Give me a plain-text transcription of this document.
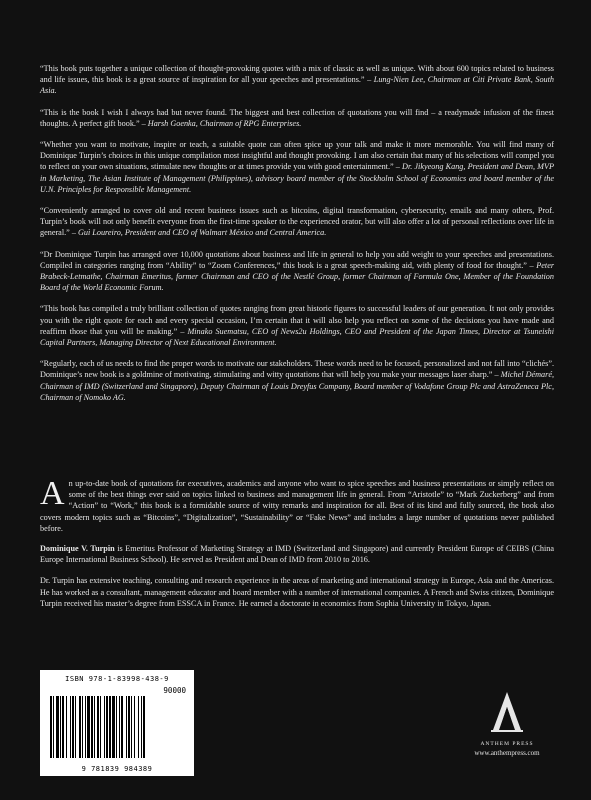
“This book puts together a unique collection of thought-provoking quotes with a mix of classic as well as unique. With about 600 topics related to business and life issues, this book is a great source of inspiration for all your speeches and presentations.” – Lung-Nien Lee, Chairman at Citi Private Bank, South Asia.

“This is the book I wish I always had but never found. The biggest and best collection of quotations you will find – a readymade infusion of the finest thoughts. A perfect gift book.” – Harsh Goenka, Chairman of RPG Enterprises.

“Whether you want to motivate, inspire or teach, a suitable quote can often spice up your talk and make it more memorable. You will find many of Dominique Turpin’s choices in this unique compilation most insightful and thought provoking. I am also certain that many of his selections will compel you to reflect on your own situations, stimulate new thoughts or at times provide you with good entertainment.” – Dr. Jikyeong Kang, President and Dean, MVP in Marketing, The Asian Institute of Management (Philippines), advisory board member of the Stockholm School of Economics and board member of the U.N. Principles for Responsible Management.

“Conveniently arranged to cover old and recent business issues such as bitcoins, digital transformation, cybersecurity, emails and many others, Prof. Turpin’s book will not only benefit everyone from the first-time speaker to the experienced orator, but will also offer a lot of personal reflections over life in general.” – Guì Loureiro, President and CEO of Walmart México and Central America.

“Dr Dominique Turpin has arranged over 10,000 quotations about business and life in general to help you add weight to your speeches and presentations. Compiled in categories ranging from “Ability” to “Zoom Conferences,” this book is a great speech-making aid, with plenty of food for thought.” – Peter Brabeck-Letmathe, Chairman Emeritus, former Chairman and CEO of the Nestlé Group, former Chairman of Formula One, Member of the Foundation Board of the World Economic Forum.

“This book has compiled a truly brilliant collection of quotes ranging from great historic figures to successful leaders of our generation. It not only provides you with the right quote for each and every special occasion, I’m certain that it will also help you reflect on some of the decisions you have made and reaffirm those that you will be making.” – Minako Suematsu, CEO of News2u Holdings, CEO and President of the Japan Times, Director at Tsuneishi Capital Partners, Managing Director of Next Educational Environment.

“Regularly, each of us needs to find the proper words to motivate our stakeholders. These words need to be focused, personalized and not fall into “clichés”. Dominique’s new book is a goldmine of motivating, stimulating and witty quotations that will help you make your messages laser sharp.” – Michel Démaré, Chairman of IMD (Switzerland and Singapore), Deputy Chairman of Louis Dreyfus Company, Board member of Vodafone Group Plc and AstraZeneca Plc, Chairman of Nomoko AG.

An up-to-date book of quotations for executives, academics and anyone who want to spice speeches and business presentations or simply reflect on some of the best things ever said on topics linked to business and management life in general. From “Aristotle” to “Mark Zuckerberg” and from “Action” to “Work,” this book is a formidable source of witty remarks and inspiration for all. Best of its kind and fully sourced, the book also covers modern topics such as “Bitcoins”, “Digitalization”, “Sustainability” or “Fake News” and includes a large number of quotations never published before.

Dominique V. Turpin is Emeritus Professor of Marketing Strategy at IMD (Switzerland and Singapore) and currently President Europe of CEIBS (China Europe International Business School). He served as President and Dean of IMD from 2010 to 2016.

Dr. Turpin has extensive teaching, consulting and research experience in the areas of marketing and international strategy in Europe, Asia and the Americas. He has worked as a consultant, management educator and board member with a number of international companies. A French and Swiss citizen, Dominique Turpin received his master’s degree from ESSCA in France. He earned a doctorate in economics from Sophia University in Tokyo, Japan.

ISBN 978-1-83998-438-9
90000
9 781839 984389
ANTHEM PRESS
www.anthempress.com
